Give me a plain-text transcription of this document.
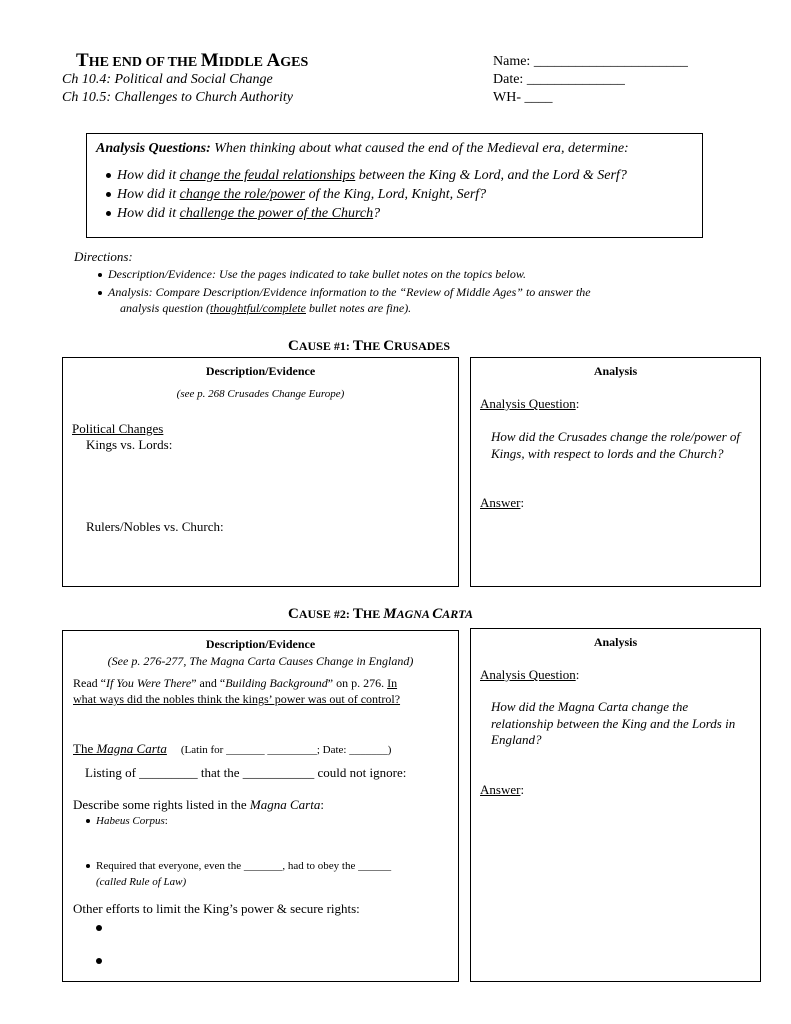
THE END OF THE MIDDLE AGES
Ch 10.4: Political and Social Change
Ch 10.5: Challenges to Church Authority
Name: ______________________
Date: ______________
WH- ____
Analysis Questions: When thinking about what caused the end of the Medieval era, determine:
How did it change the feudal relationships between the King & Lord, and the Lord & Serf?
How did it change the role/power of the King, Lord, Knight, Serf?
How did it challenge the power of the Church?
Directions:
Description/Evidence: Use the pages indicated to take bullet notes on the topics below.
Analysis: Compare Description/Evidence information to the “Review of Middle Ages” to answer the
analysis question (thoughtful/complete bullet notes are fine).
CAUSE #1: THE CRUSADES
Description/Evidence
(see p. 268 Crusades Change Europe)
Political Changes
Kings vs. Lords:
Rulers/Nobles vs. Church:
Analysis
Analysis Question:
How did the Crusades change the role/power of Kings, with respect to lords and the Church?
Answer:
CAUSE #2: THE MAGNA CARTA
Description/Evidence
(See p. 276-277, The Magna Carta Causes Change in England)
Read “If You Were There” and “Building Background” on p. 276. In
what ways did the nobles think the kings’ power was out of control?
The Magna Carta (Latin for _______ _________; Date: _______)
Listing of _________ that the ___________ could not ignore:
Describe some rights listed in the Magna Carta:
Habeus Corpus:
Required that everyone, even the _______, had to obey the ______
(called Rule of Law)
Other efforts to limit the King’s power & secure rights:
Analysis
Analysis Question:
How did the Magna Carta change the relationship between the King and the Lords in England?
Answer:
